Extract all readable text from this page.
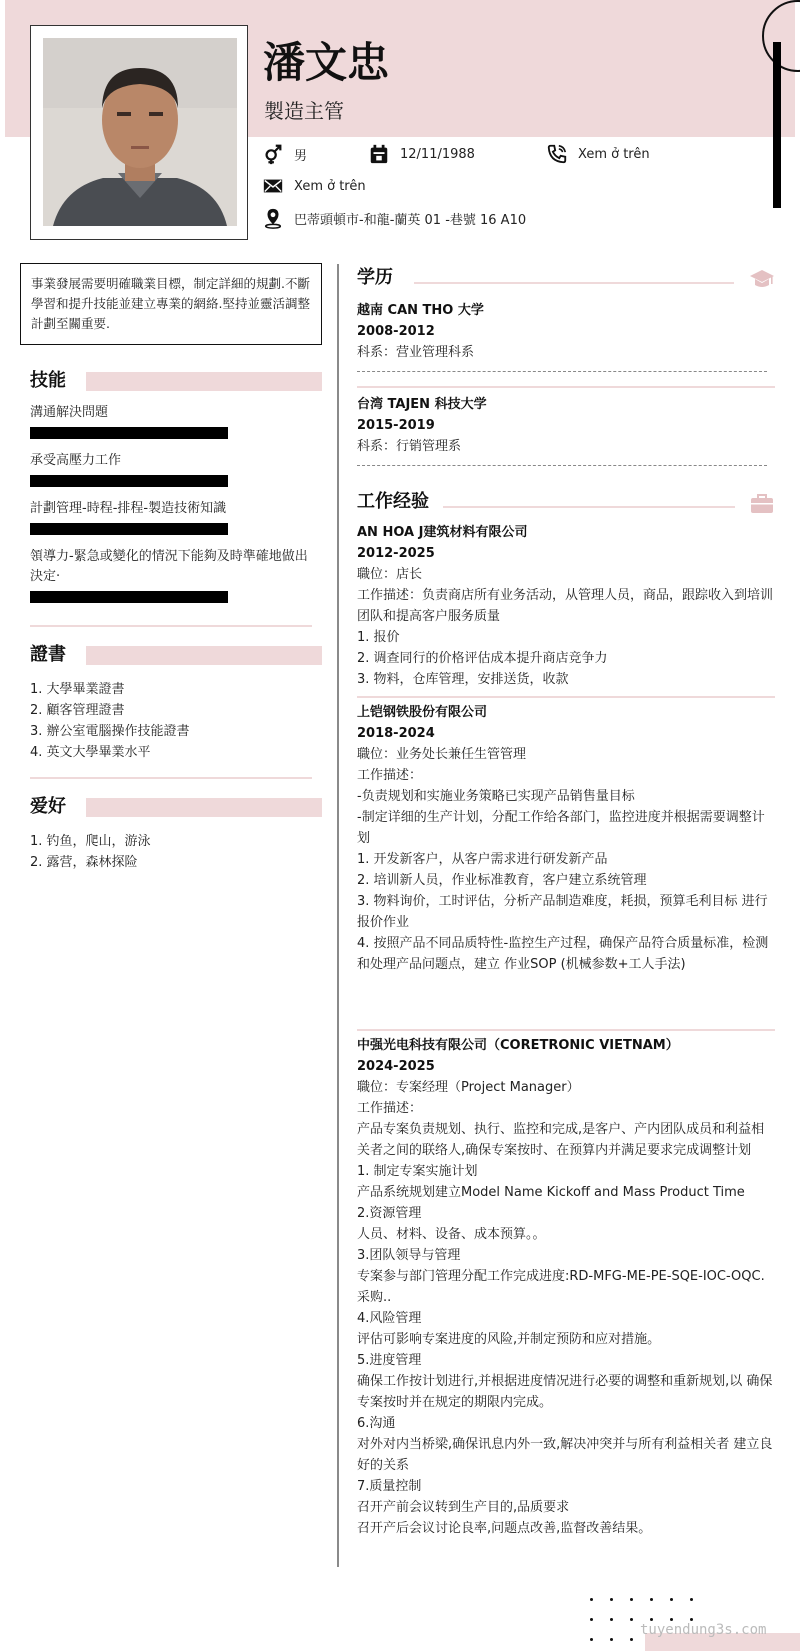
潘文忠
製造主管
男	12/11/1988	Xem ở trên
Xem ở trên
巴蒂頭頓市-和龍-蘭英 01 -巷號 16 A10
事業發展需要明確職業目標，制定詳細的規劃.不斷學習和提升技能並建立專業的網絡.堅持並靈活調整計劃至關重要.
技能
溝通解決問題
承受高壓力工作
計劃管理-時程-排程-製造技術知識
領導力-緊急或變化的情況下能夠及時準確地做出決定·
證書
1. 大學畢業證書
2. 顧客管理證書
3. 辦公室電腦操作技能證書
4. 英文大學畢業水平
爱好
1. 钓鱼，爬山，游泳
2. 露营，森林探险
学历
越南 CAN THO 大学
2008-2012
科系：营业管理科系
台湾 TAJEN 科技大学
2015-2019
科系：行销管理系
工作经验
AN HOA J建筑材料有限公司
2012-2025
職位：店长
工作描述：负责商店所有业务活动，从管理人员，商品，跟踪收入到培训团队和提高客户服务质量
1. 报价
2. 调查同行的价格评估成本提升商店竞争力
3. 物料，仓库管理，安排送货，收款
上铠钢铁股份有限公司
2018-2024
職位：业务处长兼任生管管理
工作描述：
-负责规划和实施业务策略已实现产品销售量目标
-制定详细的生产计划，分配工作给各部门，监控进度并根据需要调整计划
1. 开发新客户，从客户需求进行研发新产品
2. 培训新人员，作业标准教育，客户建立系统管理
3. 物料询价，工时评估，分析产品制造难度，耗损，预算毛利目标 进行报价作业
4. 按照产品不同品质特性-监控生产过程，确保产品符合质量标准，检测和处理产品问题点，建立 作业SOP (机械参数+工人手法)
中强光电科技有限公司（CORETRONIC VIETNAM）
2024-2025
職位：专案经理（Project Manager）
工作描述：
产品专案负责规划、执行、监控和完成,是客户、产内团队成员和利益相关者之间的联络人,确保专案按时、在预算内并满足要求完成调整计划
1. 制定专案实施计划
产品系统规划建立Model Name Kickoff and Mass Product Time
2.资源管理
人员、材料、设备、成本预算。。
3.团队领导与管理
专案参与部门管理分配工作完成进度:RD-MFG-ME-PE-SQE-IOC-OQC.采购..
4.风险管理
评估可影响专案进度的风险,并制定预防和应对措施。
5.进度管理
确保工作按计划进行,并根据进度情况进行必要的调整和重新规划,以 确保专案按时并在规定的期限内完成。
6.沟通
对外对内当桥梁,确保讯息内外一致,解决冲突并与所有利益相关者 建立良好的关系
7.质量控制
召开产前会议转到生产目的,品质要求
召开产后会议讨论良率,问题点改善,监督改善结果。
tuyendung3s.com
